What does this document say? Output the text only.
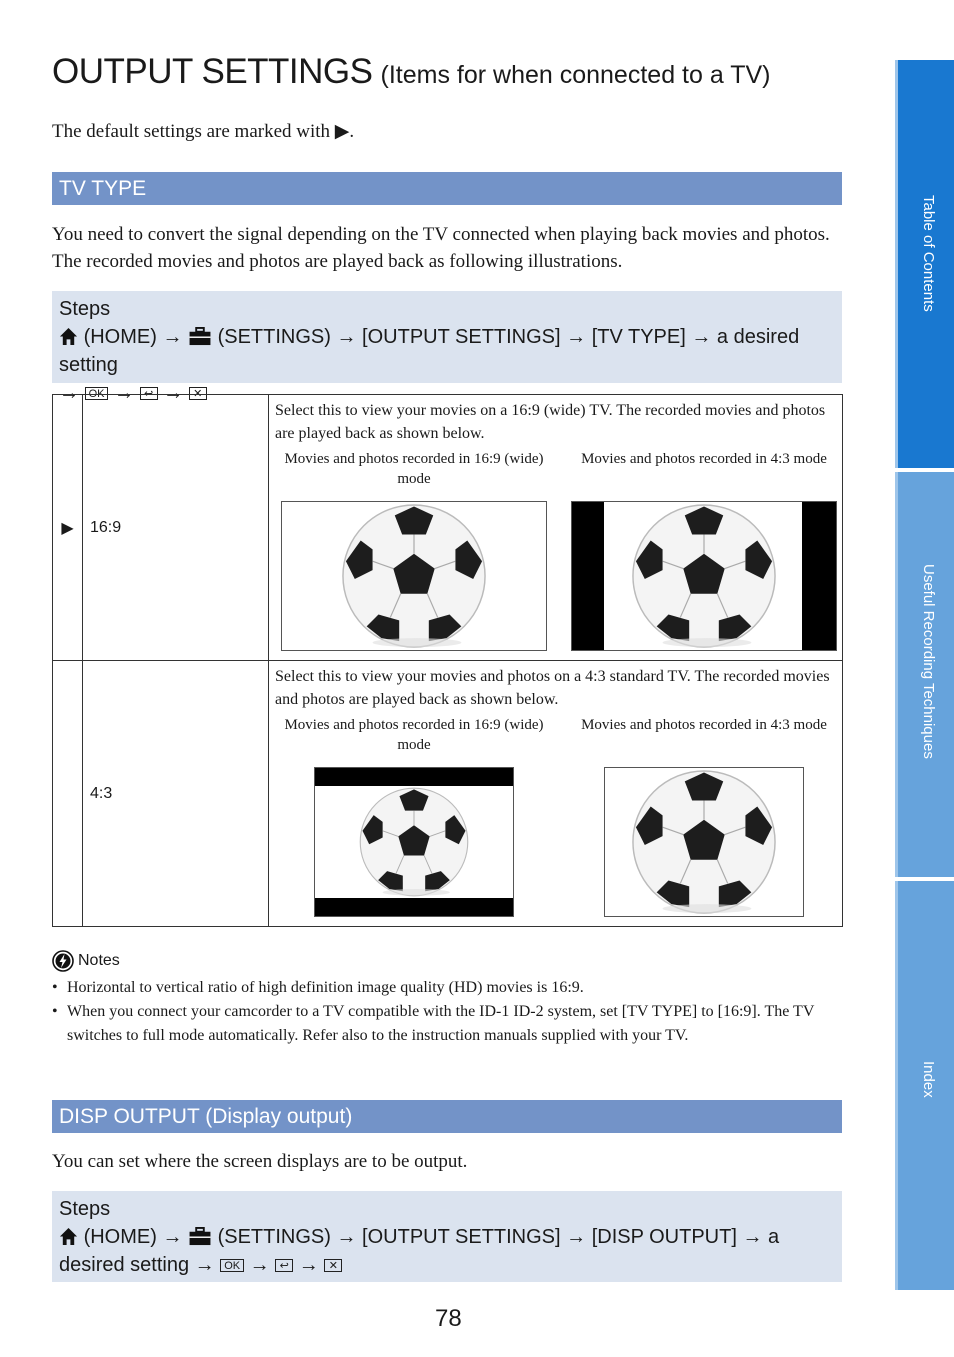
OUTPUT SETTINGS (Items for when connected to a TV)

The default settings are marked with ▶.

TV TYPE

You need to convert the signal depending on the TV connected when playing back movies and photos. The recorded movies and photos are played back as following illustrations.

Steps
(HOME) →  (SETTINGS) → [OUTPUT SETTINGS] → [TV TYPE] → a desired setting
→ OK → ↩ → ✕
▶	16:9	Select this to view your movies on a 16:9 (wide) TV. The recorded movies and photos are played back as shown below.
Movies and photos recorded in 16:9 (wide) mode
Movies and photos recorded in 4:3 mode

	4:3	Select this to view your movies and photos on a 4:3 standard TV. The recorded movies and photos are played back as shown below.
Movies and photos recorded in 16:9 (wide) mode
Movies and photos recorded in 4:3 mode
Notes
• Horizontal to vertical ratio of high definition image quality (HD) movies is 16:9.
• When you connect your camcorder to a TV compatible with the ID-1 ID-2 system, set [TV TYPE] to [16:9]. The TV switches to full mode automatically. Refer also to the instruction manuals supplied with your TV.
DISP OUTPUT (Display output)

You can set where the screen displays are to be output.

Steps
(HOME) →  (SETTINGS) → [OUTPUT SETTINGS] → [DISP OUTPUT] → a desired setting → OK → ↩ → ✕
78
Table of Contents
Useful Recording Techniques
Index
